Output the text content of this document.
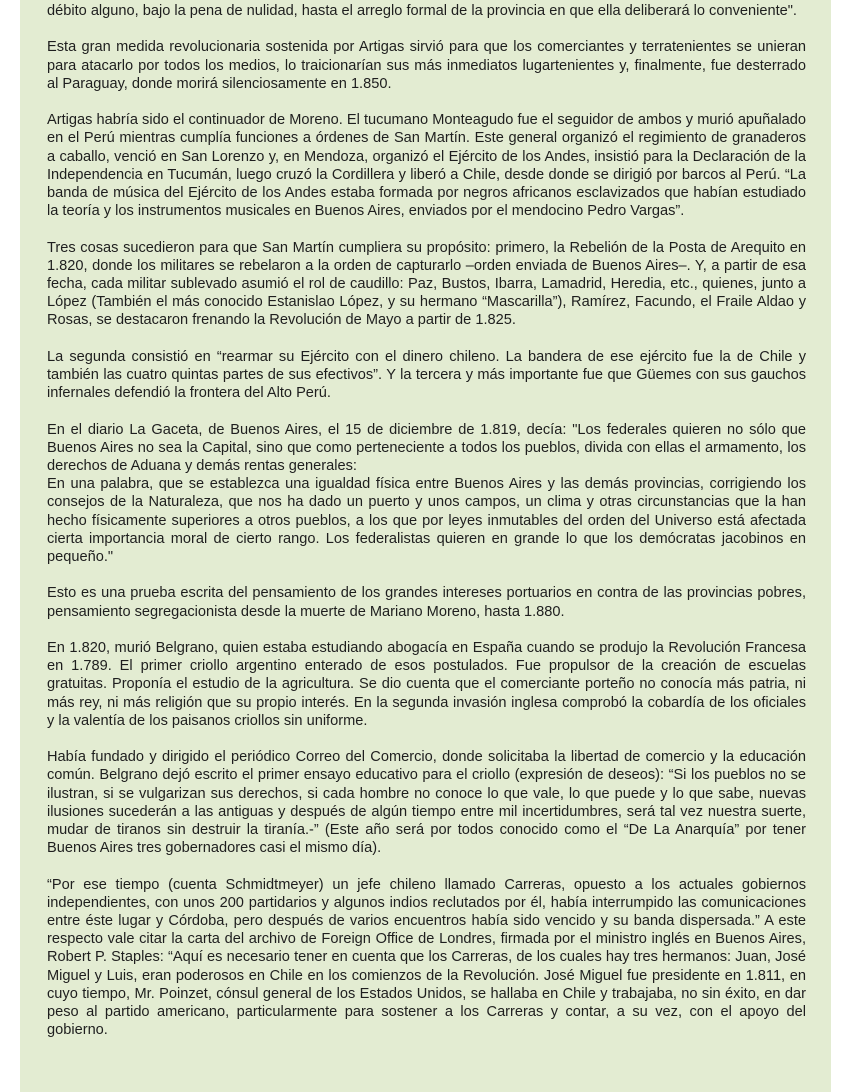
débito alguno, bajo la pena de nulidad, hasta el arreglo formal de la provincia en que ella deliberará lo conveniente".

Esta gran medida revolucionaria sostenida por Artigas sirvió para que los comerciantes y terratenientes se unieran para atacarlo por todos los medios, lo traicionarían sus más inmediatos lugartenientes y, finalmente, fue desterrado al Paraguay, donde morirá silenciosamente en 1.850.

Artigas habría sido el continuador de Moreno. El tucumano Monteagudo fue el seguidor de ambos y murió apuñalado en el Perú mientras cumplía funciones a órdenes de San Martín. Este general organizó el regimiento de granaderos a caballo, venció en San Lorenzo y, en Mendoza, organizó el Ejército de los Andes, insistió para la Declaración de la Independencia en Tucumán, luego cruzó la Cordillera y liberó a Chile, desde donde se dirigió por barcos al Perú. “La banda de música del Ejército de los Andes estaba formada por negros africanos esclavizados que habían estudiado la teoría y los instrumentos musicales en Buenos Aires, enviados por el mendocino Pedro Vargas”.

Tres cosas sucedieron para que San Martín cumpliera su propósito: primero, la Rebelión de la Posta de Arequito en 1.820, donde los militares se rebelaron a la orden de capturarlo –orden enviada de Buenos Aires–. Y, a partir de esa fecha, cada militar sublevado asumió el rol de caudillo: Paz, Bustos, Ibarra, Lamadrid, Heredia, etc., quienes, junto a López (También el más conocido Estanislao López, y su hermano “Mascarilla”), Ramírez, Facundo, el Fraile Aldao y Rosas, se destacaron frenando la Revolución de Mayo a partir de 1.825.

La segunda consistió en “rearmar su Ejército con el dinero chileno. La bandera de ese ejército fue la de Chile y también las cuatro quintas partes de sus efectivos”. Y la tercera y más importante fue que Güemes con sus gauchos infernales defendió la frontera del Alto Perú.

En el diario La Gaceta, de Buenos Aires, el 15 de diciembre de 1.819, decía: "Los federales quieren no sólo que Buenos Aires no sea la Capital, sino que como perteneciente a todos los pueblos, divida con ellas el armamento, los derechos de Aduana y demás rentas generales:

En una palabra, que se establezca una igualdad física entre Buenos Aires y las demás provincias, corrigiendo los consejos de la Naturaleza, que nos ha dado un puerto y unos campos, un clima y otras circunstancias que la han hecho físicamente superiores a otros pueblos, a los que por leyes inmutables del orden del Universo está afectada cierta importancia moral de cierto rango. Los federalistas quieren en grande lo que los demócratas jacobinos en pequeño."

Esto es una prueba escrita del pensamiento de los grandes intereses portuarios en contra de las provincias pobres, pensamiento segregacionista desde la muerte de Mariano Moreno, hasta 1.880.

En 1.820, murió Belgrano, quien estaba estudiando abogacía en España cuando se produjo la Revolución Francesa en 1.789. El primer criollo argentino enterado de esos postulados. Fue propulsor de la creación de escuelas gratuitas. Proponía el estudio de la agricultura. Se dio cuenta que el comerciante porteño no conocía más patria, ni más rey, ni más religión que su propio interés. En la segunda invasión inglesa comprobó la cobardía de los oficiales y la valentía de los paisanos criollos sin uniforme.

Había fundado y dirigido el periódico Correo del Comercio, donde solicitaba la libertad de comercio y la educación común. Belgrano dejó escrito el primer ensayo educativo para el criollo (expresión de deseos): “Si los pueblos no se ilustran, si se vulgarizan sus derechos, si cada hombre no conoce lo que vale, lo que puede y lo que sabe, nuevas ilusiones sucederán a las antiguas y después de algún tiempo entre mil incertidumbres, será tal vez nuestra suerte, mudar de tiranos sin destruir la tiranía.-” (Este año será por todos conocido como el “De La Anarquía” por tener Buenos Aires tres gobernadores casi el mismo día).

“Por ese tiempo (cuenta Schmidtmeyer) un jefe chileno llamado Carreras, opuesto a los actuales gobiernos independientes, con unos 200 partidarios y algunos indios reclutados por él, había interrumpido las comunicaciones entre éste lugar y Córdoba, pero después de varios encuentros había sido vencido y su banda dispersada.” A este respecto vale citar la carta del archivo de Foreign Office de Londres, firmada por el ministro inglés en Buenos Aires, Robert P. Staples: “Aquí es necesario tener en cuenta que los Carreras, de los cuales hay tres hermanos: Juan, José Miguel y Luis, eran poderosos en Chile en los comienzos de la Revolución. José Miguel fue presidente en 1.811, en cuyo tiempo, Mr. Poinzet, cónsul general de los Estados Unidos, se hallaba en Chile y trabajaba, no sin éxito, en dar peso al partido americano, particularmente para sostener a los Carreras y contar, a su vez, con el apoyo del gobierno.
